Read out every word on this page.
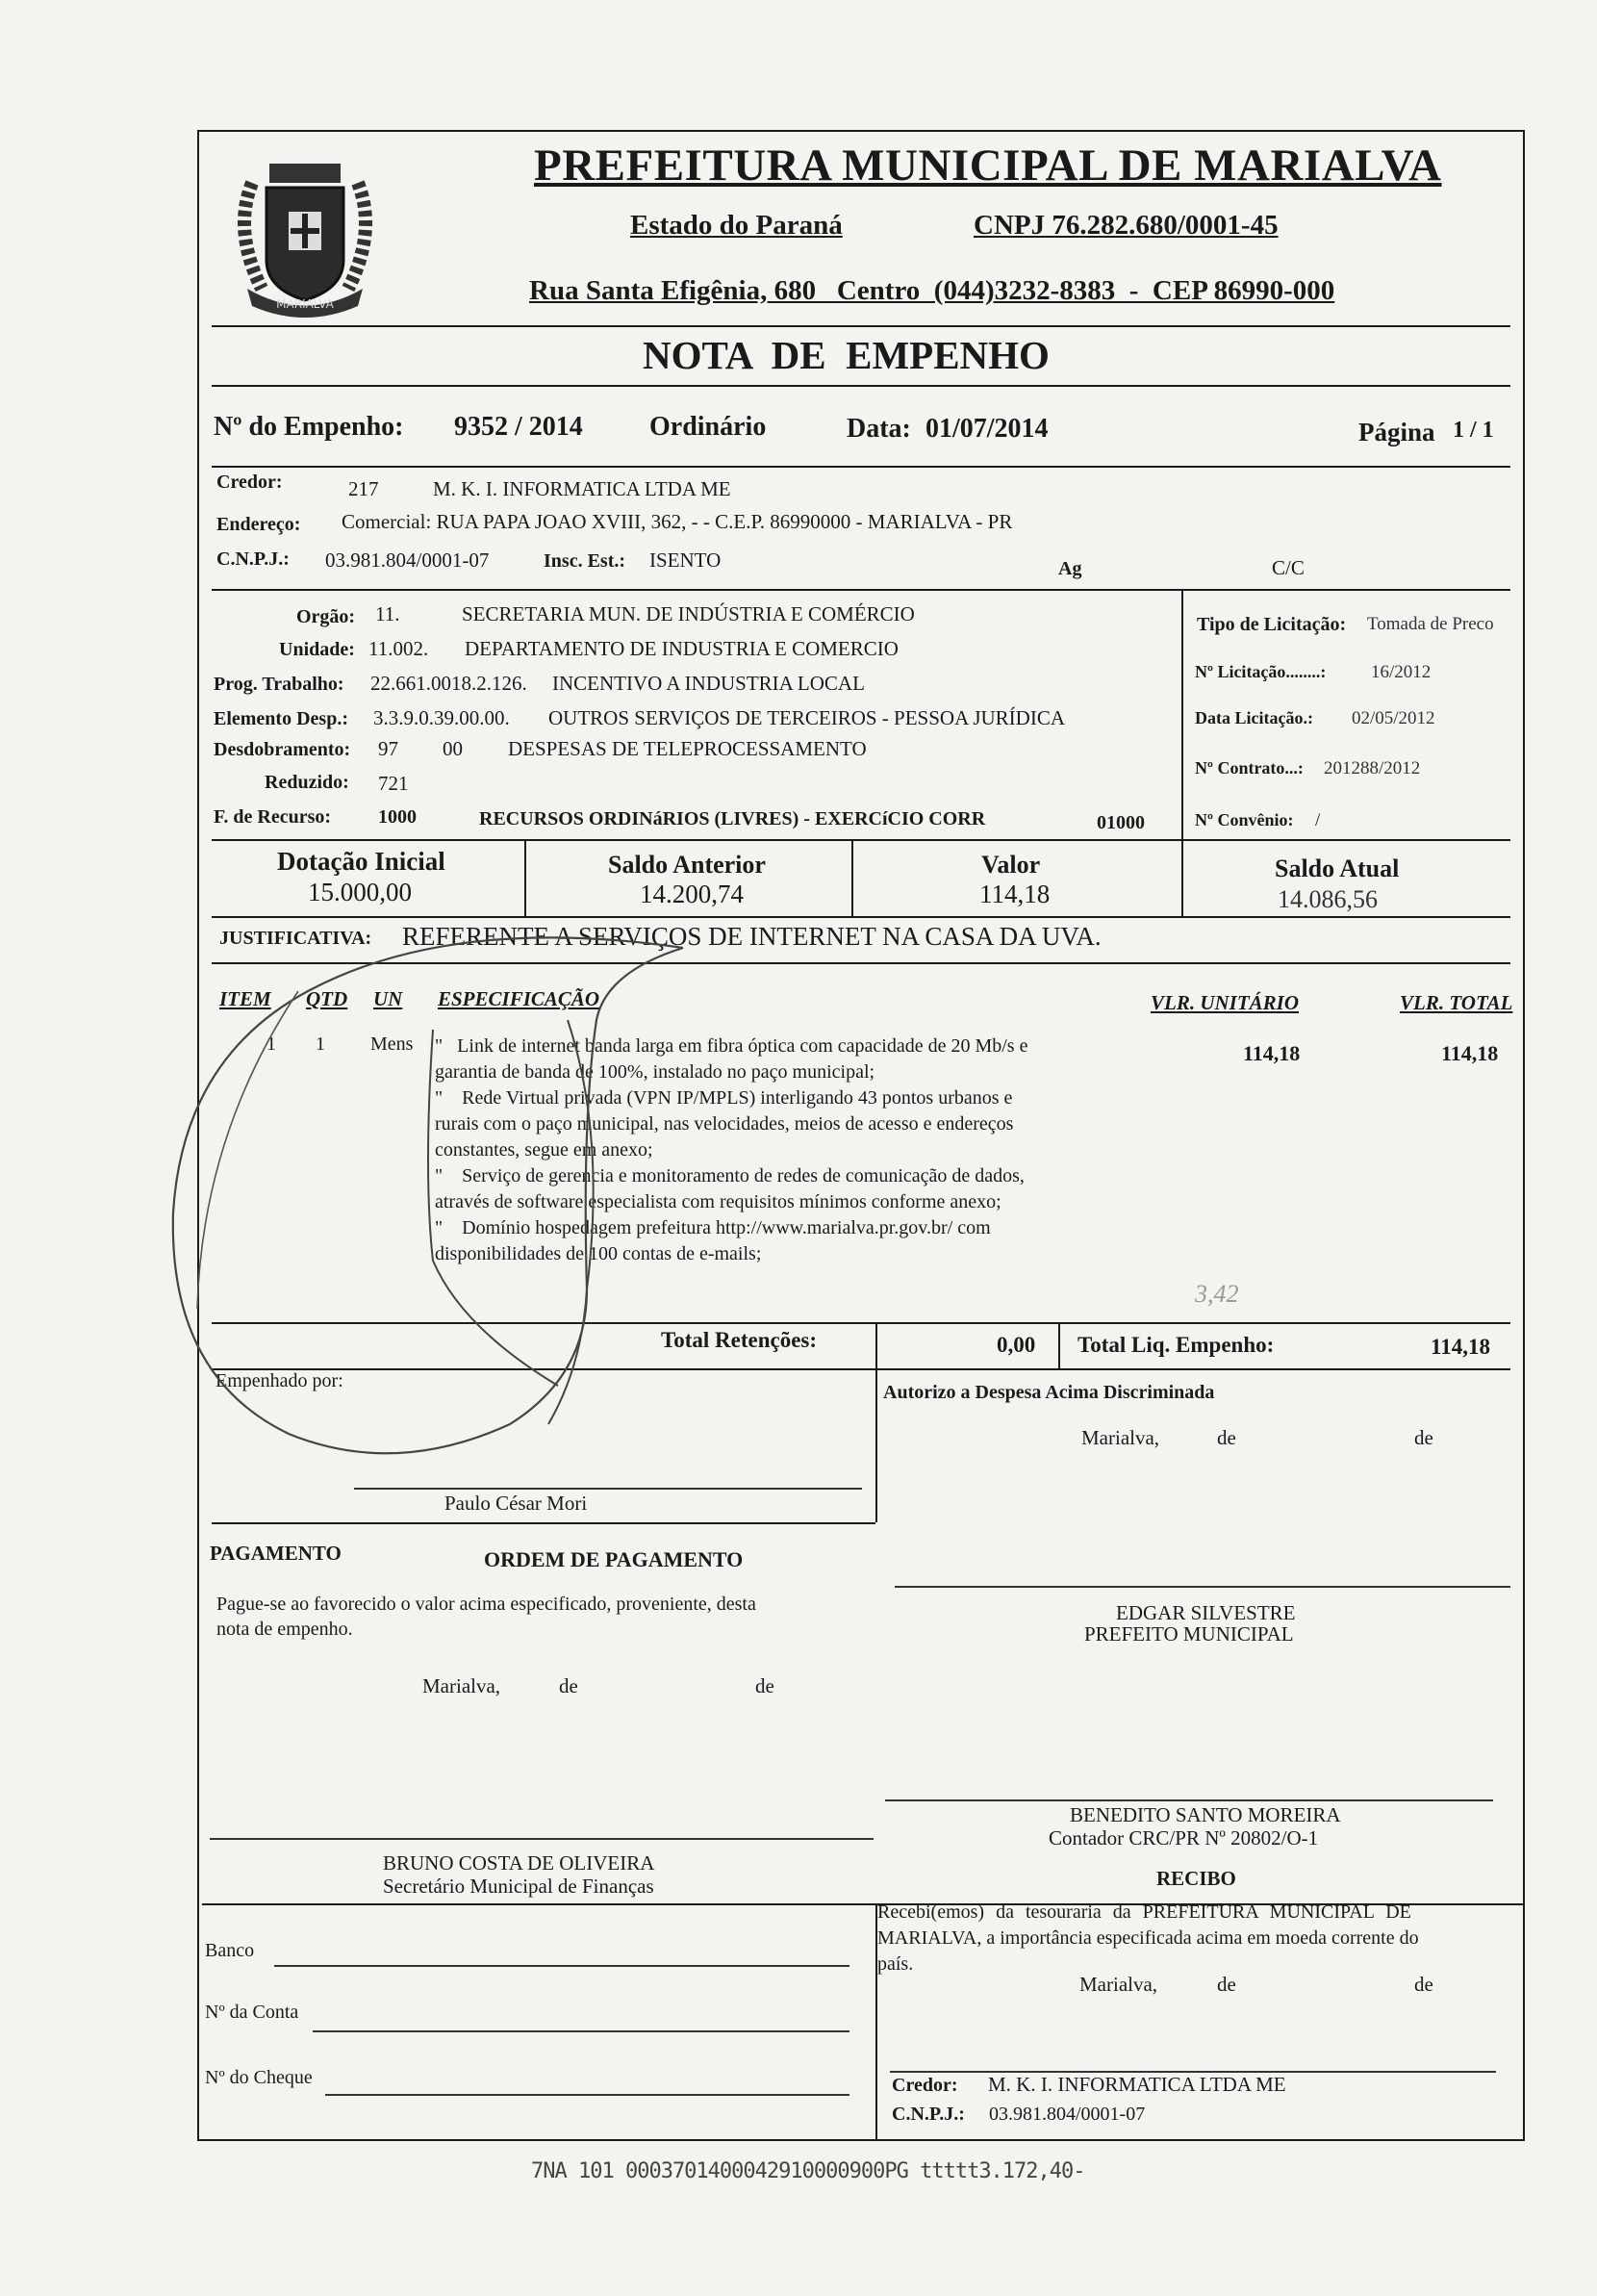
MARIALVA
PREFEITURA MUNICIPAL DE MARIALVA
Estado do Paraná	CNPJ 76.282.680/0001-45
Rua Santa Efigênia, 680   Centro  (044)3232-8383  -  CEP 86990-000
NOTA  DE  EMPENHO
Nº do Empenho: 9352 / 2014 Ordinário	Data: 01/07/2014	Página 1 / 1
Credor:	217	M. K. I. INFORMATICA LTDA ME
Endereço: Comercial: RUA PAPA JOAO XVIII, 362, - - C.E.P. 86990000 - MARIALVA - PR
C.N.P.J.: 03.981.804/0001-07	Insc. Est.: ISENTO	Ag	C/C
Orgão: 11.	SECRETARIA MUN. DE INDÚSTRIA E COMÉRCIO
Unidade: 11.002. DEPARTAMENTO DE INDUSTRIA E COMERCIO
Prog. Trabalho: 22.661.0018.2.126. INCENTIVO A INDUSTRIA LOCAL
Elemento Desp.: 3.3.9.0.39.00.00. OUTROS SERVIÇOS DE TERCEIROS - PESSOA JURÍDICA
Desdobramento: 97 00 DESPESAS DE TELEPROCESSAMENTO
Reduzido: 721
F. de Recurso: 1000	RECURSOS ORDINáRIOS (LIVRES) - EXERCíCIO CORR	01000
Tipo de Licitação: Tomada de Preco
Nº Licitação........: 16/2012
Data Licitação.: 02/05/2012
Nº Contrato...: 201288/2012
Nº Convênio: /
Dotação Inicial
15.000,00
Saldo Anterior
14.200,74
Valor
114,18
Saldo Atual
14.086,56
JUSTIFICATIVA: REFERENTE A SERVIÇOS DE INTERNET NA CASA DA UVA.
ITEM QTD UN ESPECIFICAÇÃO	VLR. UNITÁRIO	VLR. TOTAL
1 1 Mens	114,18	114,18
"   Link de internet banda larga em fibra óptica com capacidade de 20 Mb/s e
garantia de banda de 100%, instalado no paço municipal;
"    Rede Virtual privada (VPN IP/MPLS) interligando 43 pontos urbanos e
rurais com o paço municipal, nas velocidades, meios de acesso e endereços
constantes, segue em anexo;
"    Serviço de gerencia e monitoramento de redes de comunicação de dados,
através de software especialista com requisitos mínimos conforme anexo;
"    Domínio hospedagem prefeitura http://www.marialva.pr.gov.br/ com
disponibilidades de 100 contas de e-mails;
3,42
Total Retenções:	0,00 Total Liq. Empenho:	114,18
Empenhado por:
Autorizo a Despesa Acima Discriminada
Marialva,	de	de
Paulo César Mori
PAGAMENTO	ORDEM DE PAGAMENTO
Pague-se ao favorecido o valor acima especificado, proveniente, desta
nota de empenho.
Marialva,	de	de
EDGAR SILVESTRE
PREFEITO MUNICIPAL
BENEDITO SANTO MOREIRA
Contador CRC/PR Nº 20802/O-1
BRUNO COSTA DE OLIVEIRA
Secretário Municipal de Finanças	RECIBO
Recebi(emos) da tesouraria da PREFEITURA MUNICIPAL DE
MARIALVA, a importância especificada acima em moeda corrente do
país.
Marialva,	de	de
Banco
Nº da Conta
Nº do Cheque	Credor: M. K. I. INFORMATICA LTDA ME
C.N.P.J.: 03.981.804/0001-07
7NA 101 0003701400042910000900PG ttttt3.172,40-
